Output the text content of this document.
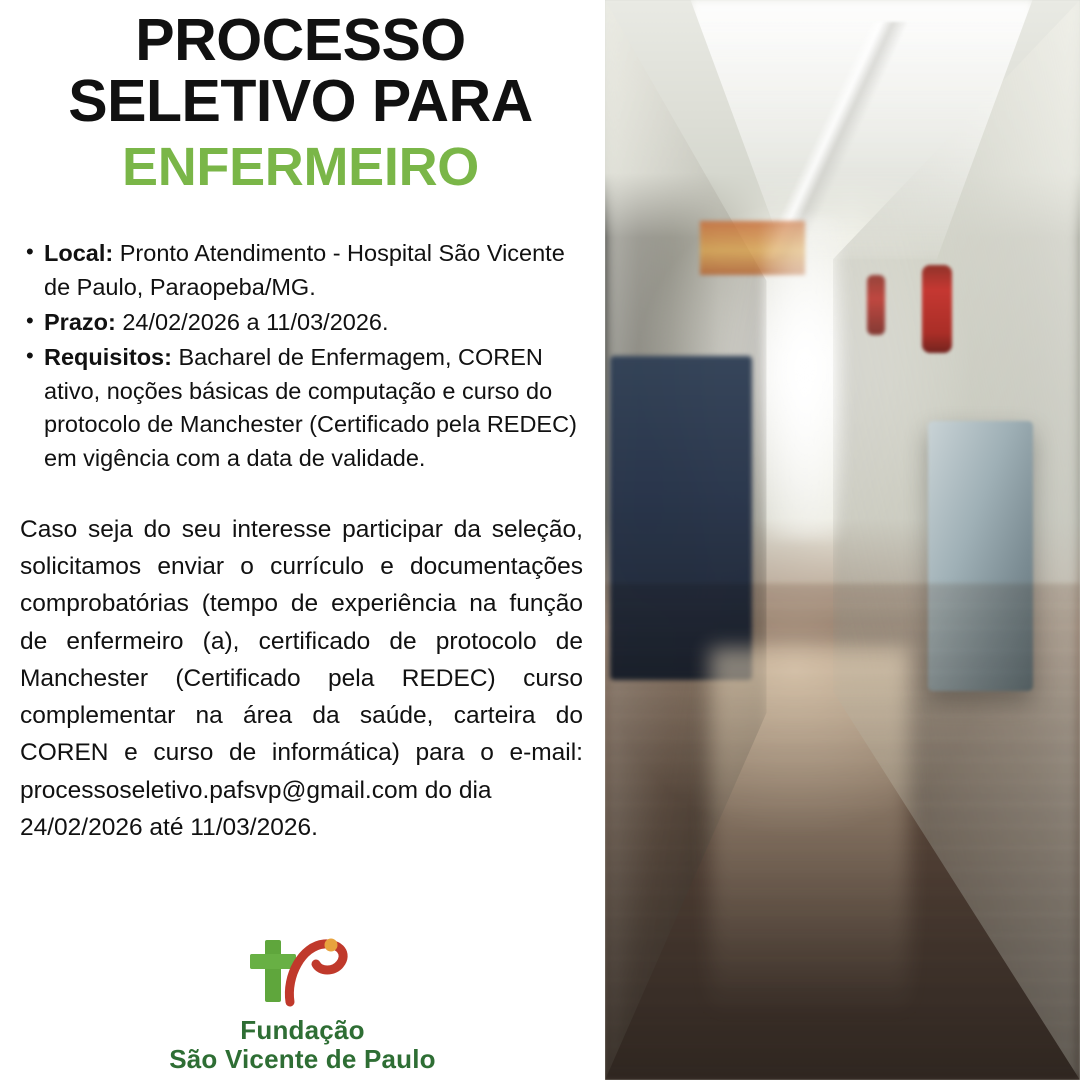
PROCESSO
SELETIVO PARA
ENFERMEIRO
• Local: Pronto Atendimento - Hospital São Vicente de Paulo, Paraopeba/MG.
• Prazo: 24/02/2026 a 11/03/2026.
• Requisitos: Bacharel de Enfermagem, COREN ativo, noções básicas de computação e curso do protocolo de Manchester (Certificado pela REDEC) em vigência com a data de validade.

Caso seja do seu interesse participar da seleção, solicitamos enviar o currículo e documentações comprobatórias (tempo de experiência na função de enfermeiro (a), certificado de protocolo de Manchester (Certificado pela REDEC) curso complementar na área da saúde, carteira do COREN e curso de informática) para o e-mail: processoseletivo.pafsvp@gmail.com do dia
24/02/2026 até 11/03/2026.

Fundação
São Vicente de Paulo
